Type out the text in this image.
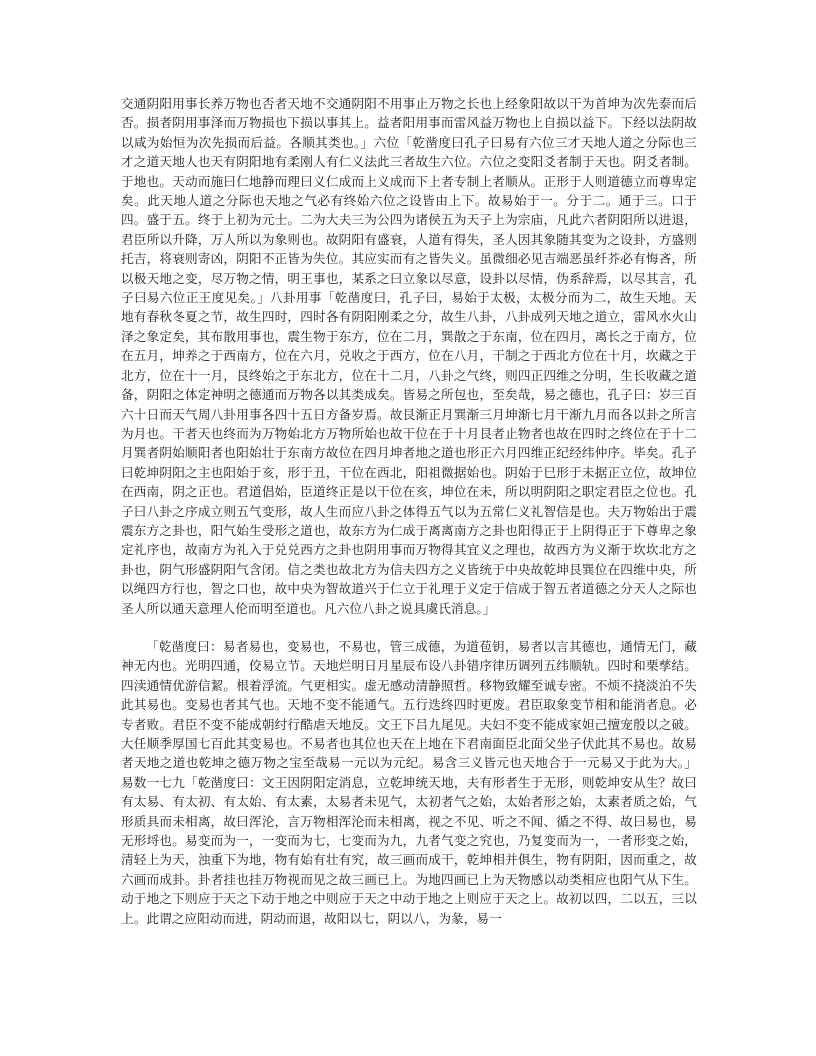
交通阴阳用事长养万物也否者天地不交通阴阳不用事止万物之长也上经象阳故以干为首坤为次先泰而后否。损者阴用事泽而万物损也下损以事其上。益者阳用事而雷风益万物也上自损以益下。下经以法阴故以咸为始恒为次先损而后益。各顺其类也。」六位「乾凿度曰孔子曰易有六位三才天地人道之分际也三才之道天地人也天有阴阳地有柔刚人有仁义法此三者故生六位。六位之变阳爻者制于天也。阴爻者制。于地也。天动而施曰仁地静而理曰义仁成而上义成而下上者专制上者顺从。正形于人则道德立而尊卑定矣。此天地人道之分际也天地之气必有终始六位之设皆由上下。故易始于一。分于二。通于三。口于四。盛于五。终于上初为元士。二为大夫三为公四为诸侯五为天子上为宗庙，凡此六者阴阳所以进退，君臣所以升降，万人所以为象则也。故阴阳有盛衰，人道有得失，圣人因其象随其变为之设卦，方盛则托吉，将衰则寄凶，阴阳不正皆为失位。其应实而有之皆失义。虽微细必见吉端恶虽纤芥必有悔吝，所以极天地之变，尽万物之情，明王事也，某系之曰立象以尽意，设卦以尽情，伪系辞焉，以尽其言，孔子曰易六位正王度见矣。」八卦用事「乾凿度曰，孔子曰，易始于太极，太极分而为二，故生天地。天地有春秋冬夏之节，故生四时，四时各有阴阳刚柔之分，故生八卦，八卦成列天地之道立，雷风水火山泽之象定矣，其布散用事也，震生物于东方，位在二月，巽散之于东南，位在四月，离长之于南方，位在五月，坤养之于西南方，位在六月，兑收之于西方，位在八月，干制之于西北方位在十月，坎藏之于北方，位在十一月，艮终始之于东北方，位在十二月，八卦之气终，则四正四维之分明，生长收藏之道备，阴阳之体定神明之德通而万物各以其类成矣。皆易之所包也，至矣哉，易之德也，孔子曰：岁三百六十日而天气周八卦用事各四十五日方备岁焉。故艮渐正月巽渐三月坤渐七月干渐九月而各以卦之所言为月也。干者天也终而为万物始北方万物所始也故干位在于十月艮者止物者也故在四时之终位在于十二月巽者阴始顺阳者也阳始壮于东南方故位在四月坤者地之道也形正六月四维正纪经纬仲序。毕矣。孔子曰乾坤阴阳之主也阳始于亥，形于丑，干位在西北，阳祖微据始也。阴始于巳形于未据正立位，故坤位在西南，阴之正也。君道倡始，臣道终正是以干位在亥，坤位在未，所以明阴阳之职定君臣之位也。孔子曰八卦之序成立则五气变形，故人生而应八卦之体得五气以为五常仁义礼智信是也。夫万物始出于震震东方之卦也，阳气始生受形之道也，故东方为仁成于离离南方之卦也阳得正于上阴得正于下尊卑之象定礼序也，故南方为礼入于兑兑西方之卦也阴用事而万物得其宜义之理也，故西方为义渐于坎坎北方之卦也，阴气形盛阴阳气含闭。信之类也故北方为信夫四方之义皆统于中央故乾坤艮巽位在四维中央，所以绳四方行也，智之口也，故中央为智故道兴于仁立于礼理于义定于信成于智五者道德之分天人之际也圣人所以通天意理人伦而明至道也。凡六位八卦之说具虞氏消息。」

「乾凿度曰：易者易也，变易也，不易也，管三成德，为道苞钥，易者以言其德也，通情无门，藏神无内也。光明四通，佼易立节。天地烂明日月星辰布设八卦错序律历调列五纬顺轨。四时和栗孳结。四渎通情优游信絜。根着浮流。气更相实。虚无感动清静照哲。移物致耀至诚专密。不烦不挠淡泊不失此其易也。变易也者其气也。天地不变不能通气。五行迭终四时更废。君臣取象变节相和能消者息。必专者败。君臣不变不能成朝纣行酷虐天地反。文王下吕九尾见。夫妇不变不能成家妲己擅宠殷以之破。大任顺季厚国七百此其变易也。不易者也其位也天在上地在下君南面臣北面父坐子伏此其不易也。故易者天地之道也乾坤之德万物之宝至哉易一元以为元纪。易含三义皆元也天地合于一元易又于此为大。」易数一七九「乾凿度曰：文王因阴阳定消息，立乾坤统天地，夫有形者生于无形，则乾坤安从生？故曰有太易、有太初、有太始、有太素，太易者未见气，太初者气之始，太始者形之始，太素者质之始，气形质具而未相离，故曰浑沦，言万物相浑沦而未相离，视之不见、听之不闻、循之不得、故曰易也，易无形埒也。易变而为一，一变而为七，七变而为九，九者气变之究也，乃复变而为一，一者形变之始，清轻上为天，浊重下为地，物有始有壮有究，故三画而成干，乾坤相并俱生，物有阴阳，因而重之，故六画而成卦。卦者挂也挂万物视而见之故三画已上。为地四画已上为天物感以动类相应也阳气从下生。动于地之下则应于天之下动于地之中则应于天之中动于地之上则应于天之上。故初以四，二以五，三以上。此谓之应阳动而进，阴动而退，故阳以七，阴以八，为彖，易一
